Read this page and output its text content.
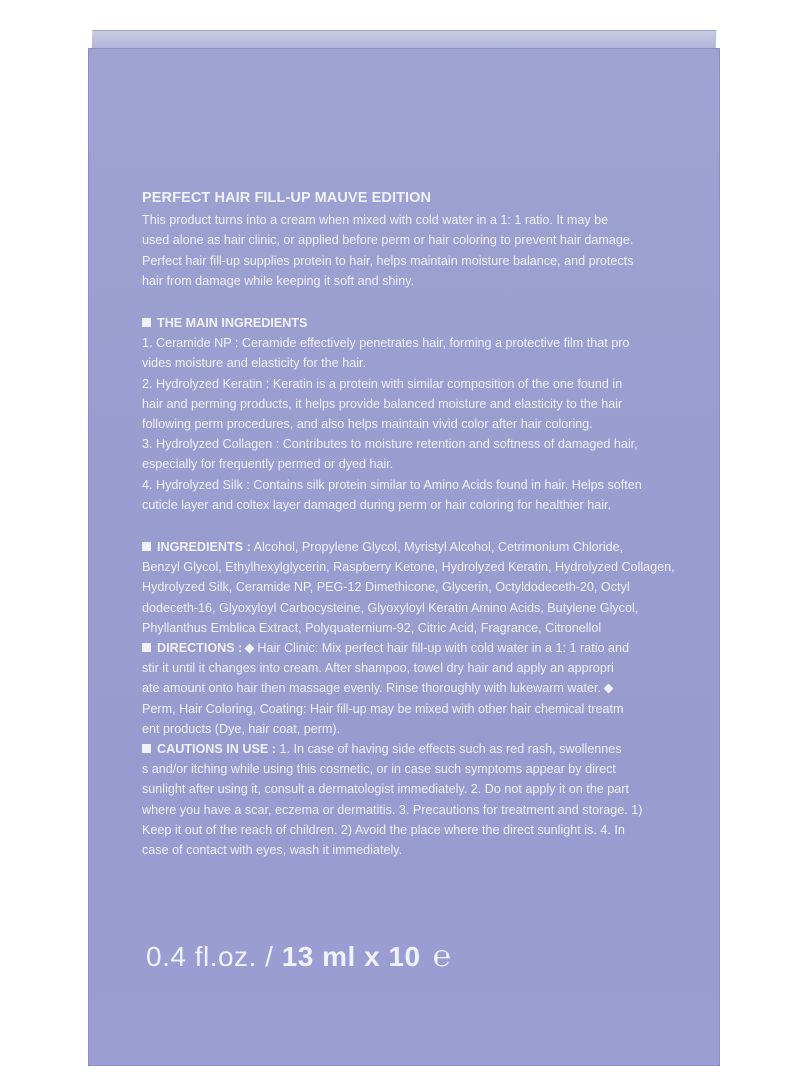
PERFECT HAIR FILL-UP MAUVE EDITION

This product turns into a cream when mixed with cold water in a 1: 1 ratio. It may be

used alone as hair clinic, or applied before perm or hair coloring to prevent hair damage.

Perfect hair fill-up supplies protein to hair, helps maintain moisture balance, and protects

hair from damage while keeping it soft and shiny.

THE MAIN INGREDIENTS

1. Ceramide NP : Ceramide effectively penetrates hair, forming a protective film that pro

vides moisture and elasticity for the hair.

2. Hydrolyzed Keratin : Keratin is a protein with similar composition of the one found in

hair and perming products, it helps provide balanced moisture and elasticity to the hair

following perm procedures, and also helps maintain vivid color after hair coloring.

3. Hydrolyzed Collagen : Contributes to moisture retention and softness of damaged hair,

especially for frequently permed or dyed hair.

4. Hydrolyzed Silk : Contains silk protein similar to Amino Acids found in hair. Helps soften

cuticle layer and coltex layer damaged during perm or hair coloring for healthier hair.

INGREDIENTS : Alcohol, Propylene Glycol, Myristyl Alcohol, Cetrimonium Chloride,

Benzyl Glycol, Ethylhexylglycerin, Raspberry Ketone, Hydrolyzed Keratin, Hydrolyzed Collagen,

Hydrolyzed Silk, Ceramide NP, PEG-12 Dimethicone, Glycerin, Octyldodeceth-20, Octyl

dodeceth-16, Glyoxyloyl Carbocysteine, Glyoxyloyl Keratin Amino Acids, Butylene Glycol,

Phyllanthus Emblica Extract, Polyquaternium-92, Citric Acid, Fragrance, Citronellol

DIRECTIONS : Hair Clinic: Mix perfect hair fill-up with cold water in a 1: 1 ratio and

stir it until it changes into cream. After shampoo, towel dry hair and apply an appropri

ate amount onto hair then massage evenly. Rinse thoroughly with lukewarm water.

Perm, Hair Coloring, Coating: Hair fill-up may be mixed with other hair chemical treatm

ent products (Dye, hair coat, perm).

CAUTIONS IN USE : 1. In case of having side effects such as red rash, swollennes

s and/or itching while using this cosmetic, or in case such symptoms appear by direct

sunlight after using it, consult a dermatologist immediately. 2. Do not apply it on the part

where you have a scar, eczema or dermatitis. 3. Precautions for treatment and storage. 1)

Keep it out of the reach of children. 2) Avoid the place where the direct sunlight is. 4. In

case of contact with eyes, wash it immediately.

0.4 fl.oz. / 13 ml x 10 ℮
